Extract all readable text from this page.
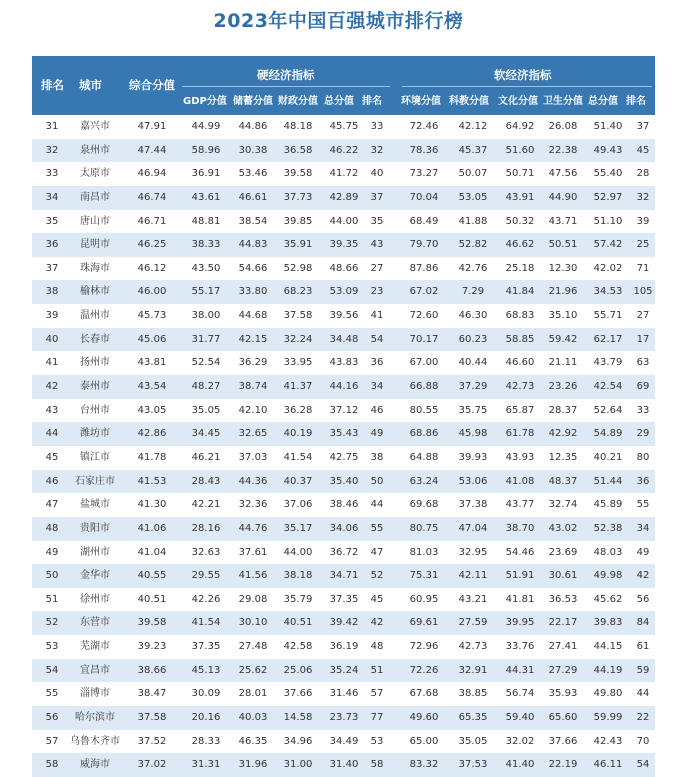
2023年中国百强城市排行榜
排名 城市 综合分值
硬经济指标
GDP分值 储蓄分值 财政分值 总分值 排名
软经济指标
环境分值 科教分值 文化分值 卫生分值 总分值 排名
31 嘉兴市	47.91	44.99 44.86 48.18 45.75 33	72.46 42.12 64.92 26.08 51.40 37
32 泉州市	47.44	58.96 30.38 36.58 46.22 32	78.36 45.37 51.60 22.38 49.43 45
33 太原市	46.94	36.91 53.46 39.58 41.72 40	73.27 50.07 50.71 47.56 55.40 28
34 南昌市	46.74	43.61 46.61 37.73 42.89 37	70.04 53.05 43.91 44.90 52.97 32
35 唐山市	46.71	48.81 38.54 39.85 44.00 35	68.49 41.88 50.32 43.71 51.10 39
36 昆明市	46.25	38.33 44.83 35.91 39.35 43	79.70 52.82 46.62 50.51 57.42 25
37 珠海市	46.12	43.50 54.66 52.98 48.66 27	87.86 42.76 25.18 12.30 42.02 71
38 榆林市	46.00	55.17 33.80 68.23 53.09 23	67.02 7.29 41.84 21.96 34.53 105
39 温州市	45.73	38.00 44.68 37.58 39.56 41	72.60 46.30 68.83 35.10 55.71 27
40 长春市	45.06	31.77 42.15 32.24 34.48 54	70.17 60.23 58.85 59.42 62.17 17
41 扬州市	43.81	52.54 36.29 33.95 43.83 36	67.00 40.44 46.60 21.11 43.79 63
42 泰州市	43.54	48.27 38.74 41.37 44.16 34	66.88 37.29 42.73 23.26 42.54 69
43 台州市	43.05	35.05 42.10 36.28 37.12 46	80.55 35.75 65.87 28.37 52.64 33
44 潍坊市	42.86	34.45 32.65 40.19 35.43 49	68.86 45.98 61.78 42.92 54.89 29
45 镇江市	41.78	46.21 37.03 41.54 42.75 38	64.88 39.93 43.93 12.35 40.21 80
46 石家庄市 41.53	28.43 44.36 40.37 35.40 50	63.24 53.06 41.08 48.37 51.44 36
47 盐城市	41.30	42.21 32.36 37.06 38.46 44	69.68 37.38 43.77 32.74 45.89 55
48 贵阳市	41.06	28.16 44.76 35.17 34.06 55	80.75 47.04 38.70 43.02 52.38 34
49 湖州市	41.04	32.63 37.61 44.00 36.72 47	81.03 32.95 54.46 23.69 48.03 49
50 金华市	40.55	29.55 41.56 38.18 34.71 52	75.31 42.11 51.91 30.61 49.98 42
51 徐州市	40.51	42.26 29.08 35.79 37.35 45	60.95 43.21 41.81 36.53 45.62 56
52 东营市	39.58	41.54 30.10 40.51 39.42 42	69.61 27.59 39.95 22.17 39.83 84
53 芜湖市	39.23	37.35 27.48 42.58 36.19 48	72.96 42.73 33.76 27.41 44.15 61
54 宜昌市	38.66	45.13 25.62 25.06 35.24 51	72.26 32.91 44.31 27.29 44.19 59
55 淄博市	38.47	30.09 28.01 37.66 31.46 57	67.68 38.85 56.74 35.93 49.80 44
56 哈尔滨市 37.58	20.16 40.03 14.58 23.73 77	49.60 65.35 59.40 65.60 59.99 22
57 乌鲁木齐市 37.52	28.33 46.35 34.96 34.49 53	65.00 35.05 32.02 37.66 42.43 70
58 威海市	37.02	31.31 31.96 31.00 31.40 58	83.32 37.53 41.40 22.19 46.11 54
